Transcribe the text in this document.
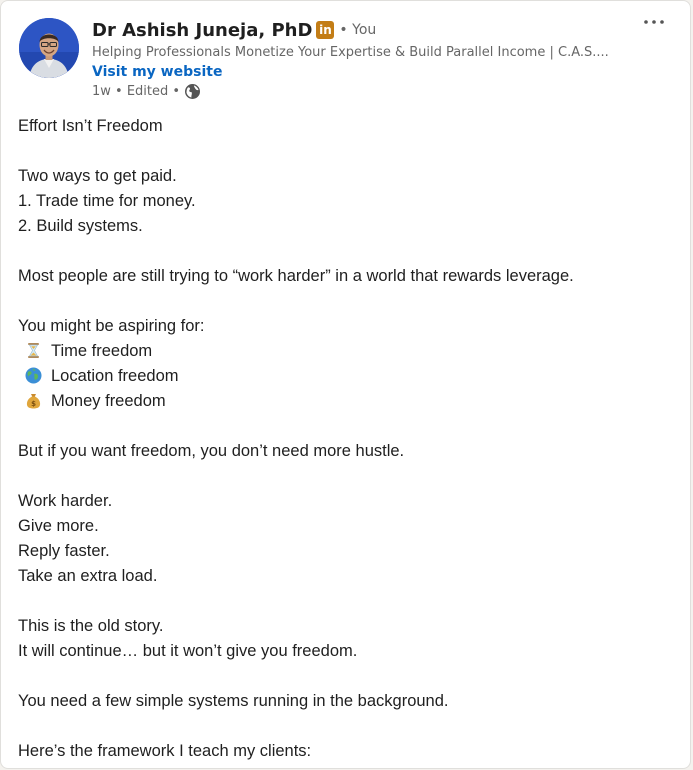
Dr Ashish Juneja, PhD in • You
Helping Professionals Monetize Your Expertise & Build Parallel Income | C.A.S....
Visit my website
1w • Edited •
Effort Isn’t Freedom
Two ways to get paid.
1. Trade time for money.
2. Build systems.
Most people are still trying to “work harder” in a world that rewards leverage.
You might be aspiring for:
Time freedom
Location freedom
$ Money freedom
But if you want freedom, you don’t need more hustle.
Work harder.
Give more.
Reply faster.
Take an extra load.
This is the old story.
It will continue… but it won’t give you freedom.
You need a few simple systems running in the background.
Here’s the framework I teach my clients:
